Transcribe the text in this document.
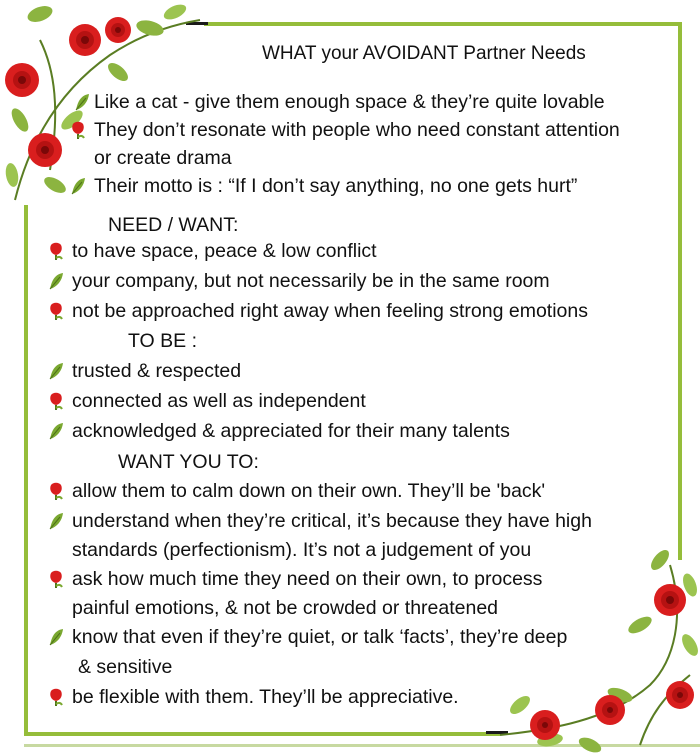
WHAT your AVOIDANT Partner Needs
Like a cat - give them enough space & they’re quite lovable
They don’t resonate with people who need constant attention
or create drama
Their motto is : “If I don’t say anything, no one gets hurt”
NEED / WANT:
to have space, peace & low conflict
your company, but not necessarily be in the same room
not be approached right away when feeling strong emotions
TO BE :
trusted & respected
connected as well as independent
acknowledged & appreciated for their many talents
WANT YOU TO:
allow them to calm down on their own. They’ll be 'back'
understand when they’re critical, it’s because they have high
standards (perfectionism). It’s not a judgement of you
ask how much time they need on their own, to process
painful emotions, & not be crowded or threatened
know that even if they’re quiet, or talk ‘facts’, they’re deep
& sensitive
be flexible with them. They’ll be appreciative.
